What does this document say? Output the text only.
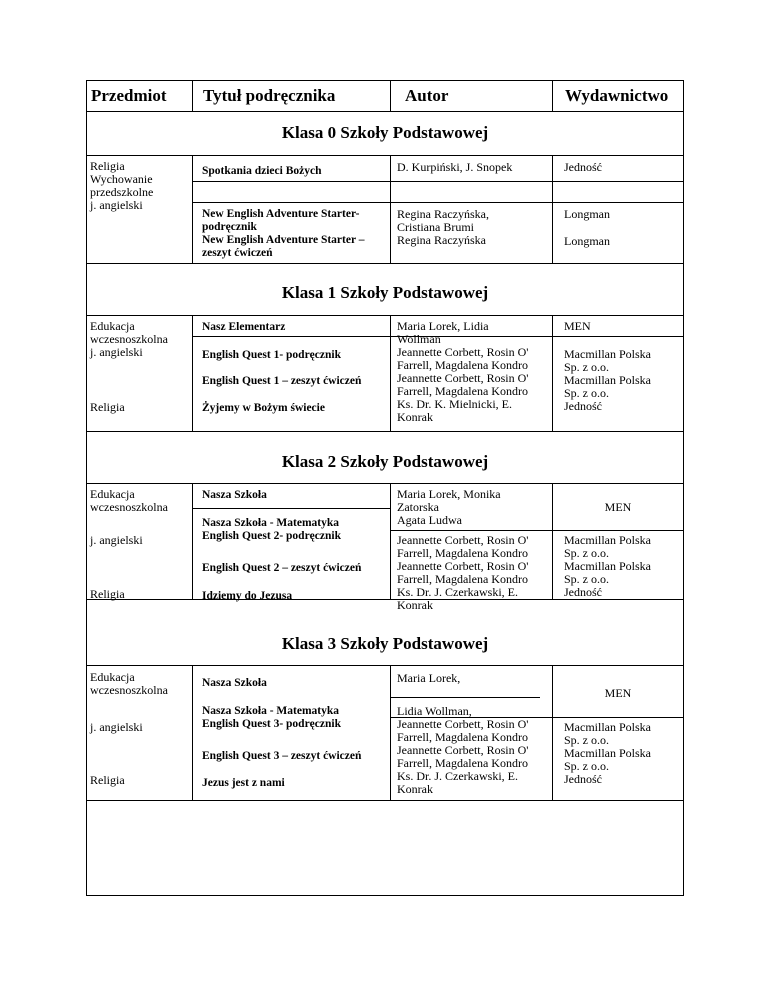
Przedmiot Tytuł podręcznika	Autor	Wydawnictwo
Klasa 0 Szkoły Podstawowej
Religia
Wychowanie przedszkolne
j. angielski
Spotkania dzieci Bożych
New English Adventure Starter-podręcznik
New English Adventure Starter – zeszyt ćwiczeń
D. Kurpiński, J. Snopek
Regina Raczyńska,
Cristiana Brumi
Regina Raczyńska
Jedność
Longman
Longman
Klasa 1 Szkoły Podstawowej
Edukacja wczesnoszkolna
j. angielski
Religia
Nasz Elementarz
English Quest 1- podręcznik
English Quest 1 – zeszyt ćwiczeń
Żyjemy w Bożym świecie
Maria Lorek, Lidia
Wollman
Jeannette Corbett, Rosin O'
Farrell, Magdalena Kondro
Jeannette Corbett, Rosin O'
Farrell, Magdalena Kondro
Ks. Dr. K. Mielnicki, E.
Konrak
MEN
Macmillan Polska
Sp. z o.o.
Macmillan Polska
Sp. z o.o.
Jedność
Klasa 2 Szkoły Podstawowej
Edukacja wczesnoszkolna
j. angielski
Religia
Nasza Szkoła
Nasza Szkoła - Matematyka
English Quest 2- podręcznik
English Quest 2 – zeszyt ćwiczeń
Idziemy do Jezusa
Maria Lorek, Monika
Zatorska
Agata Ludwa
Jeannette Corbett, Rosin O'
Farrell, Magdalena Kondro
Jeannette Corbett, Rosin O'
Farrell, Magdalena Kondro
Ks. Dr. J. Czerkawski, E.
Konrak
MEN
Macmillan Polska
Sp. z o.o.
Macmillan Polska
Sp. z o.o.
Jedność
Klasa 3 Szkoły Podstawowej
Edukacja wczesnoszkolna
j. angielski
Religia
Nasza Szkoła
Nasza Szkoła - Matematyka
English Quest 3- podręcznik
English Quest 3 – zeszyt ćwiczeń
Jezus jest z nami
Maria Lorek,
Lidia Wollman,
Jeannette Corbett, Rosin O'
Farrell, Magdalena Kondro
Jeannette Corbett, Rosin O'
Farrell, Magdalena Kondro
Ks. Dr. J. Czerkawski, E.
Konrak
MEN
Macmillan Polska
Sp. z o.o.
Macmillan Polska
Sp. z o.o.
Jedność
